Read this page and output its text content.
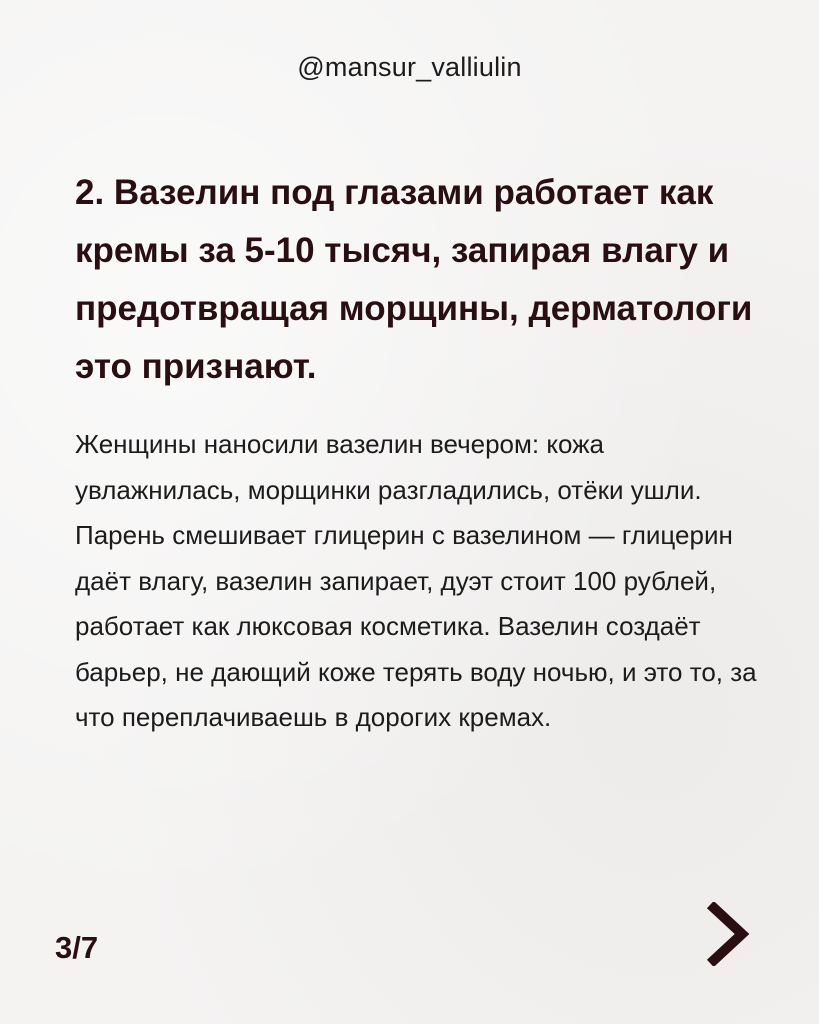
@mansur_valliulin
2. Вазелин под глазами работает как кремы за 5-10 тысяч, запирая влагу и предотвращая морщины, дерматологи это признают.

Женщины наносили вазелин вечером: кожа увлажнилась, морщинки разгладились, отёки ушли. Парень смешивает глицерин с вазелином — глицерин даёт влагу, вазелин запирает, дуэт стоит 100 рублей, работает как люксовая косметика. Вазелин создаёт барьер, не дающий коже терять воду ночью, и это то, за что переплачиваешь в дорогих кремах.

3/7
